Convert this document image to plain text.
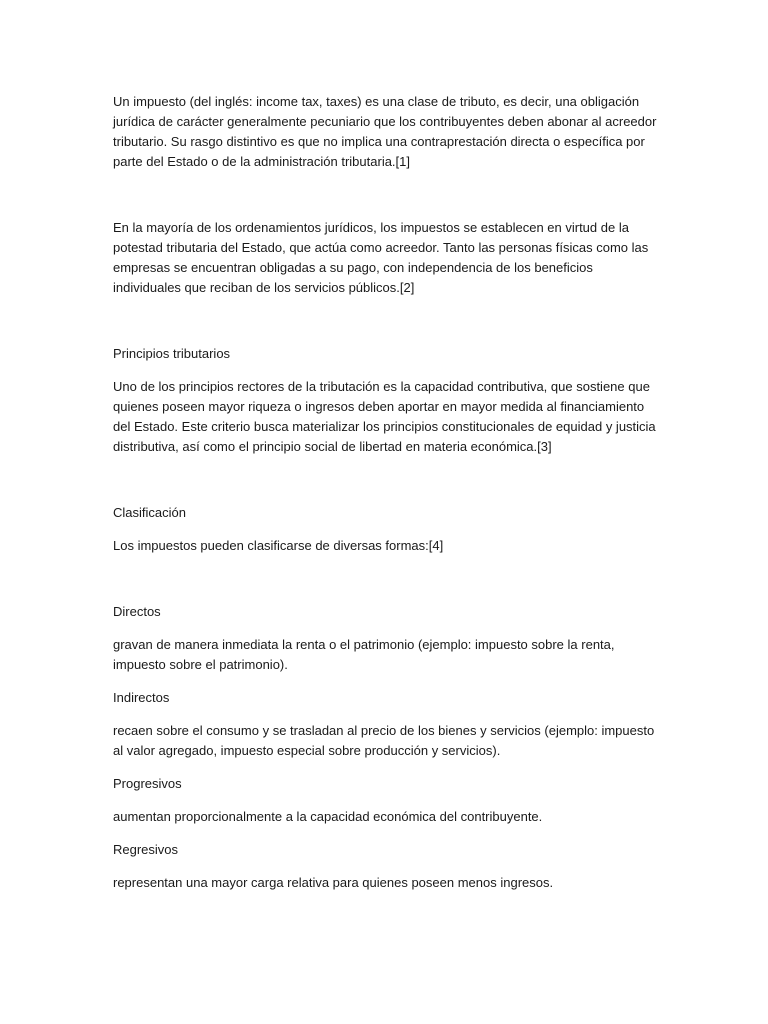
Un impuesto (del inglés: income tax, taxes) es una clase de tributo, es decir, una obligación jurídica de carácter generalmente pecuniario que los contribuyentes deben abonar al acreedor tributario. Su rasgo distintivo es que no implica una contraprestación directa o específica por parte del Estado o de la administración tributaria.[1]

En la mayoría de los ordenamientos jurídicos, los impuestos se establecen en virtud de la potestad tributaria del Estado, que actúa como acreedor. Tanto las personas físicas como las empresas se encuentran obligadas a su pago, con independencia de los beneficios individuales que reciban de los servicios públicos.[2]

Principios tributarios

Uno de los principios rectores de la tributación es la capacidad contributiva, que sostiene que quienes poseen mayor riqueza o ingresos deben aportar en mayor medida al financiamiento del Estado. Este criterio busca materializar los principios constitucionales de equidad y justicia distributiva, así como el principio social de libertad en materia económica.[3]

Clasificación

Los impuestos pueden clasificarse de diversas formas:[4]

Directos

gravan de manera inmediata la renta o el patrimonio (ejemplo: impuesto sobre la renta, impuesto sobre el patrimonio).

Indirectos

recaen sobre el consumo y se trasladan al precio de los bienes y servicios (ejemplo: impuesto al valor agregado, impuesto especial sobre producción y servicios).

Progresivos

aumentan proporcionalmente a la capacidad económica del contribuyente.

Regresivos

representan una mayor carga relativa para quienes poseen menos ingresos.
